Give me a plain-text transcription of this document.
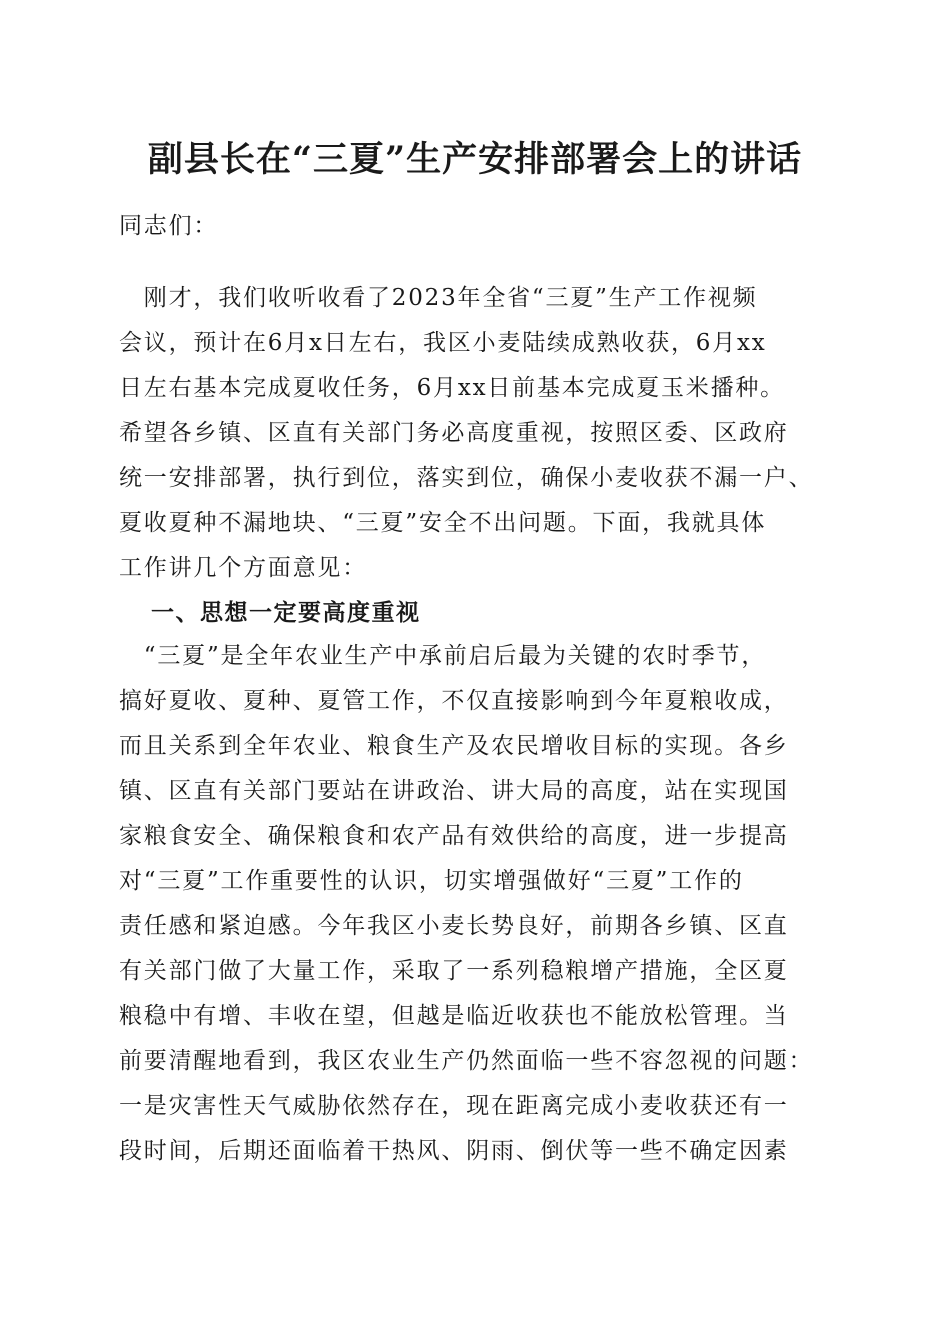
副县长在“三夏”生产安排部署会上的讲话

同志们：

　刚才，我们收听收看了2023年全省“三夏”生产工作视频

会议，预计在6月x日左右，我区小麦陆续成熟收获，6月xx

日左右基本完成夏收任务，6月xx日前基本完成夏玉米播种。

希望各乡镇、区直有关部门务必高度重视，按照区委、区政府

统一安排部署，执行到位，落实到位，确保小麦收获不漏一户、

夏收夏种不漏地块、“三夏”安全不出问题。下面，我就具体

工作讲几个方面意见：

一、思想一定要高度重视

　“三夏”是全年农业生产中承前启后最为关键的农时季节，

搞好夏收、夏种、夏管工作，不仅直接影响到今年夏粮收成，

而且关系到全年农业、粮食生产及农民增收目标的实现。各乡

镇、区直有关部门要站在讲政治、讲大局的高度，站在实现国

家粮食安全、确保粮食和农产品有效供给的高度，进一步提高

对“三夏”工作重要性的认识，切实增强做好“三夏”工作的

责任感和紧迫感。今年我区小麦长势良好，前期各乡镇、区直

有关部门做了大量工作，采取了一系列稳粮增产措施，全区夏

粮稳中有增、丰收在望，但越是临近收获也不能放松管理。当

前要清醒地看到，我区农业生产仍然面临一些不容忽视的问题：

一是灾害性天气威胁依然存在，现在距离完成小麦收获还有一

段时间，后期还面临着干热风、阴雨、倒伏等一些不确定因素
